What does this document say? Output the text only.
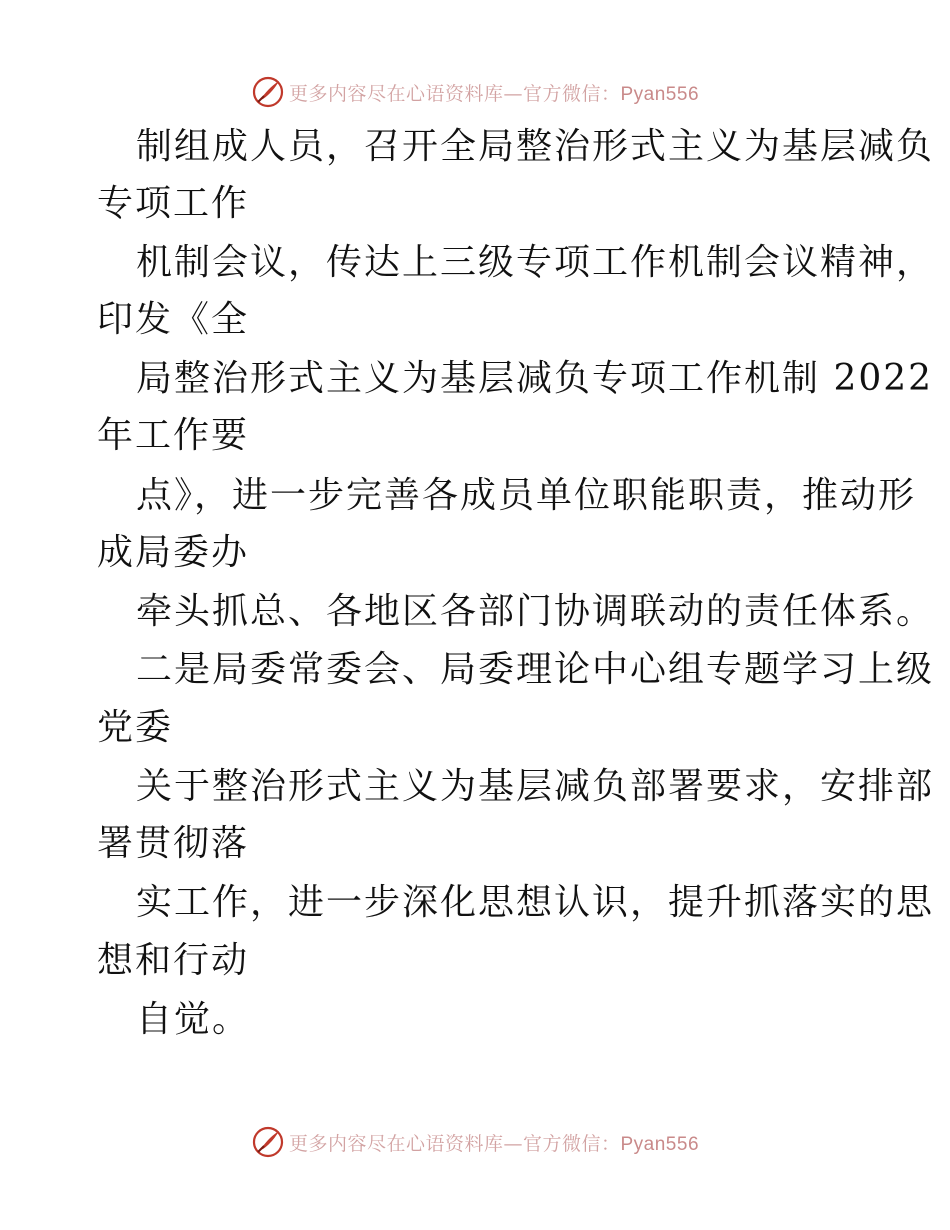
更多内容尽在心语资料库—官方微信：Pyan556
制组成人员，召开全局整治形式主义为基层减负
专项工作
机制会议，传达上三级专项工作机制会议精神，
印发《全
局整治形式主义为基层减负专项工作机制 2022
年工作要
点》，进一步完善各成员单位职能职责，推动形
成局委办
牵头抓总、各地区各部门协调联动的责任体系。
二是局委常委会、局委理论中心组专题学习上级
党委
关于整治形式主义为基层减负部署要求，安排部
署贯彻落
实工作，进一步深化思想认识，提升抓落实的思
想和行动
自觉。
更多内容尽在心语资料库—官方微信：Pyan556
